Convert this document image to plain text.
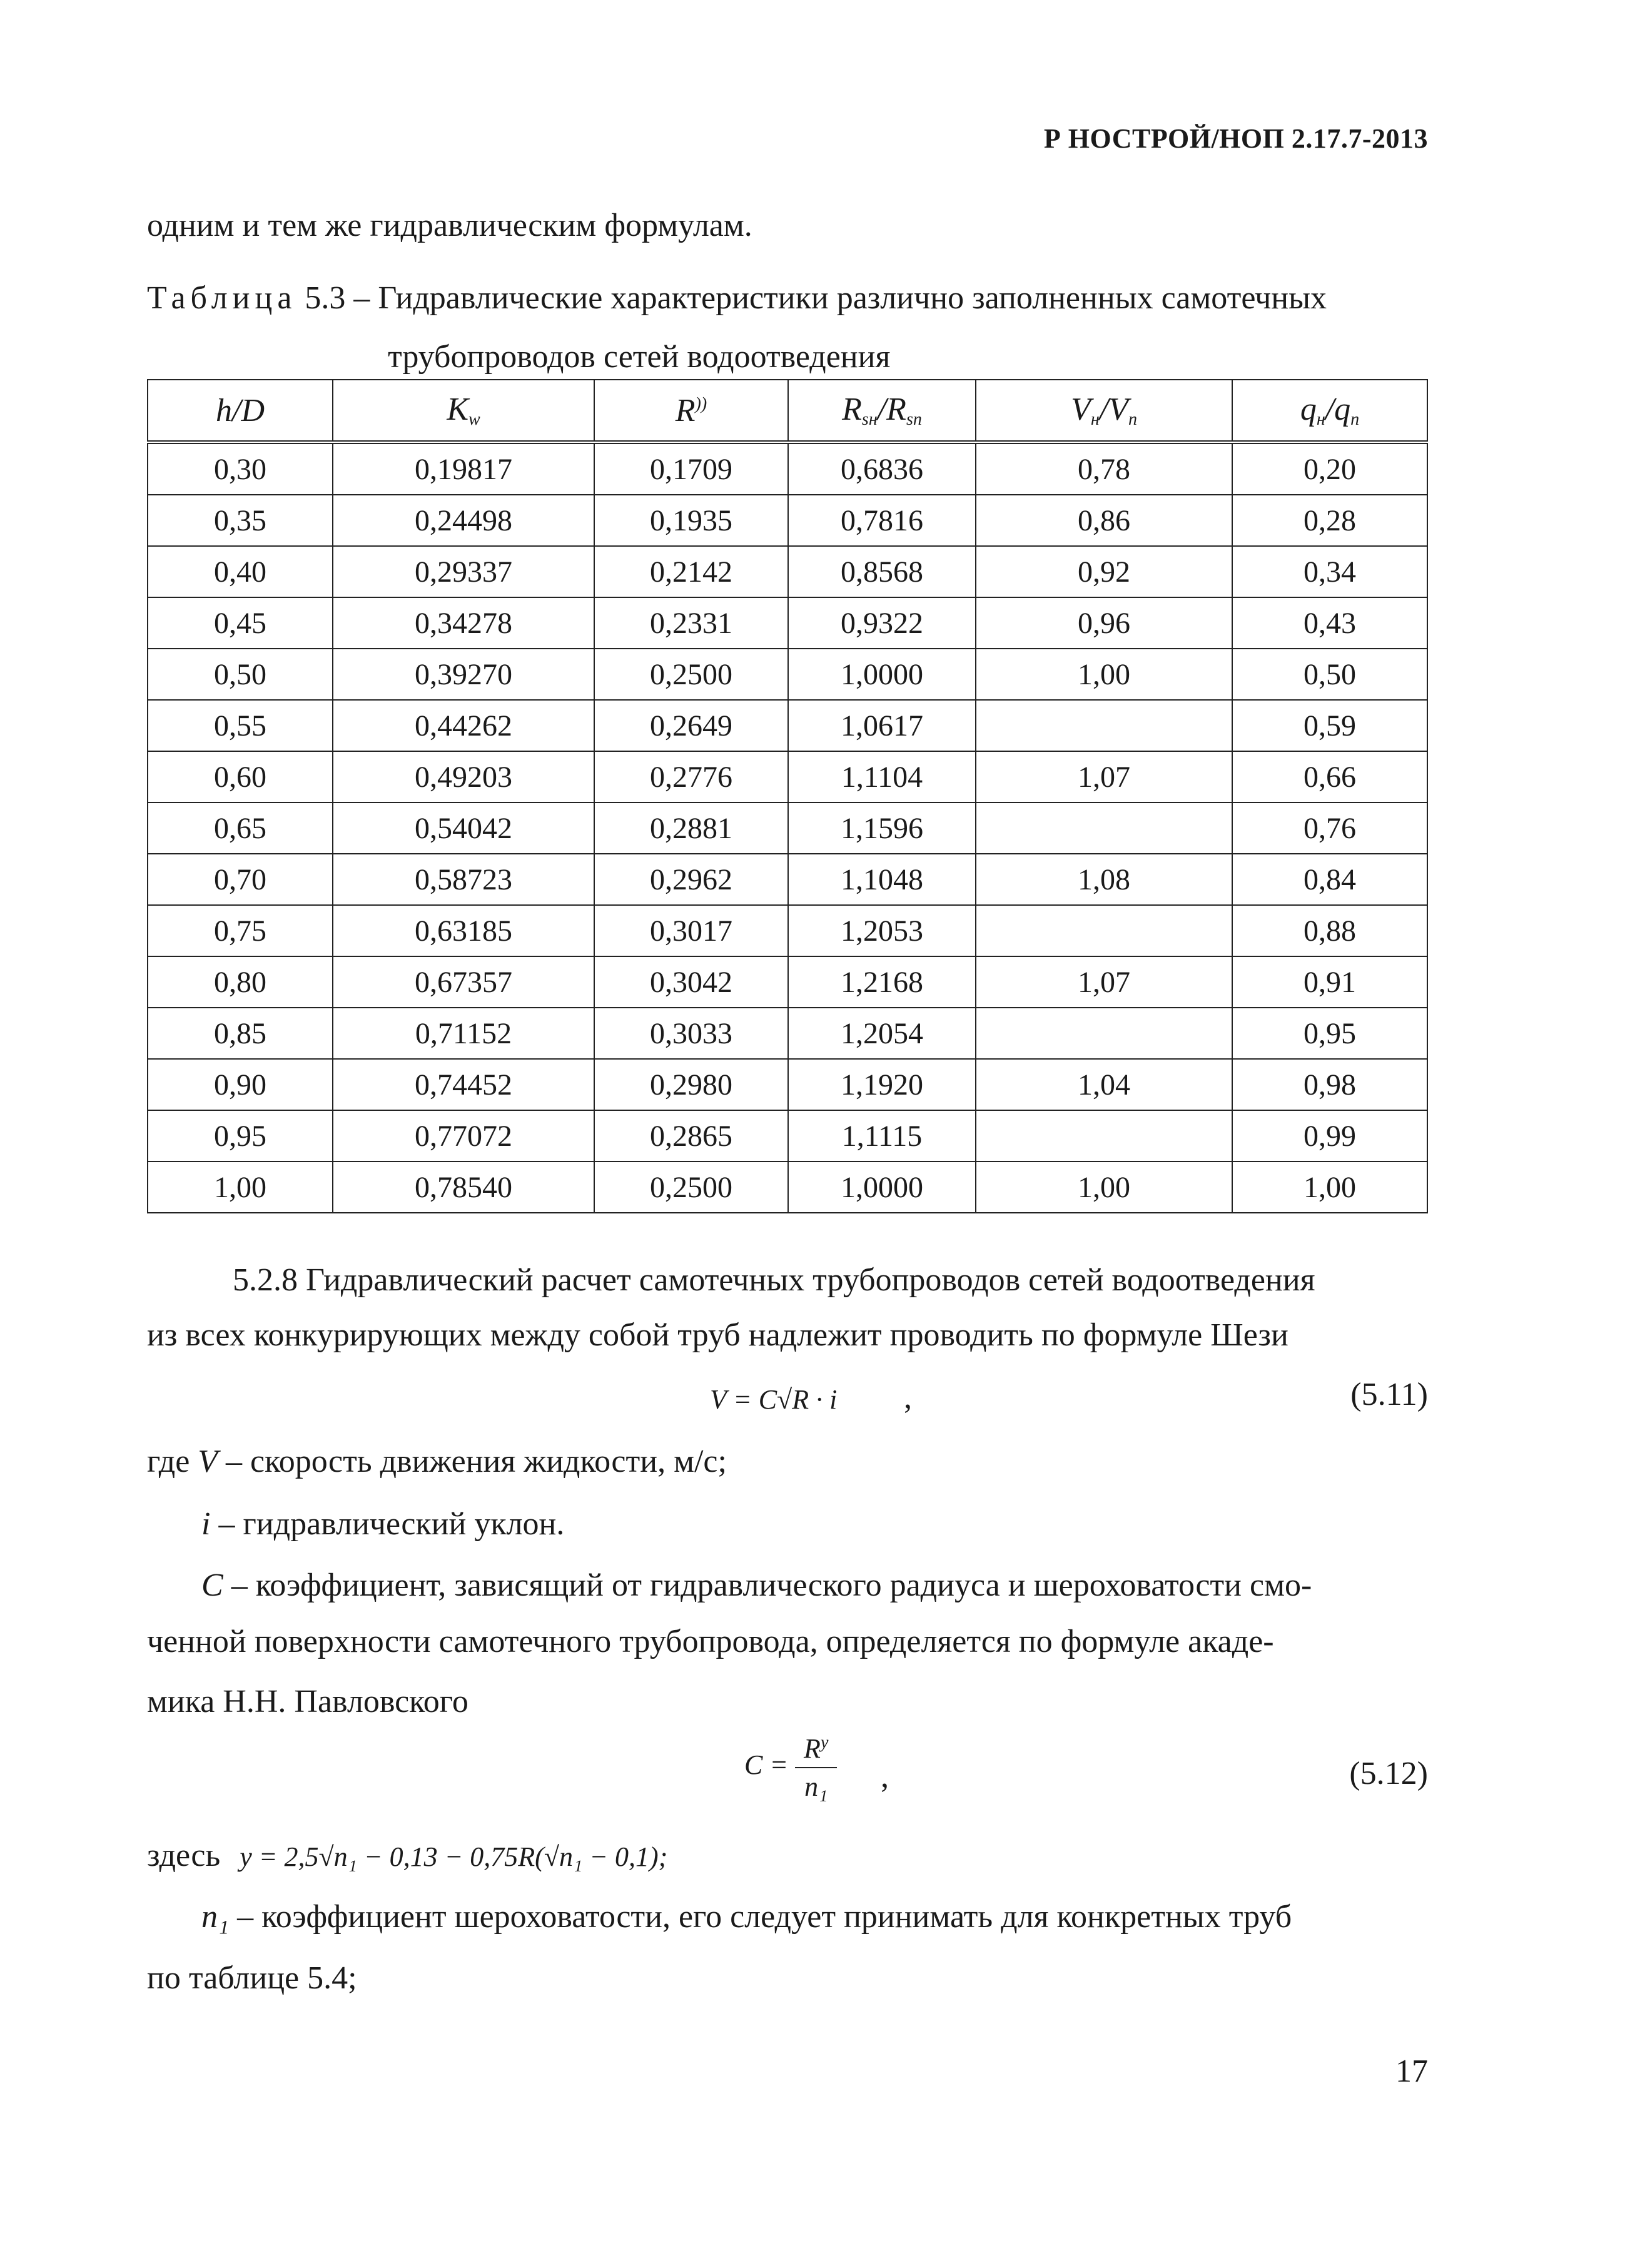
Р НОСТРОЙ/НОП 2.17.7-2013
одним и тем же гидравлическим формулам.
Таблица 5.3 – Гидравлические характеристики различно заполненных самотечных
трубопроводов сетей водоотведения
h/D	$K_w$	R))	$R_{sн}/R_{sп}$	$V_н/V_п$	$q_н/q_п$
0,30	0,19817	0,1709	0,6836	0,78	0,20
0,35	0,24498	0,1935	0,7816	0,86	0,28
0,40	0,29337	0,2142	0,8568	0,92	0,34
0,45	0,34278	0,2331	0,9322	0,96	0,43
0,50	0,39270	0,2500	1,0000	1,00	0,50
0,55	0,44262	0,2649	1,0617		0,59
0,60	0,49203	0,2776	1,1104	1,07	0,66
0,65	0,54042	0,2881	1,1596		0,76
0,70	0,58723	0,2962	1,1048	1,08	0,84
0,75	0,63185	0,3017	1,2053		0,88
0,80	0,67357	0,3042	1,2168	1,07	0,91
0,85	0,71152	0,3033	1,2054		0,95
0,90	0,74452	0,2980	1,1920	1,04	0,98
0,95	0,77072	0,2865	1,1115		0,99
1,00	0,78540	0,2500	1,0000	1,00	1,00
5.2.8 Гидравлический расчет самотечных трубопроводов сетей водоотведения
из всех конкурирующих между собой труб надлежит проводить по формуле Шези
V = C√R · i ,	(5.11)
где V – скорость движения жидкости, м/с;
i – гидравлический уклон.
C – коэффициент, зависящий от гидравлического радиуса и шероховатости смо-
ченной поверхности самотечного трубопровода, определяется по формуле акаде-
мика Н.Н. Павловского
$C = \frac{R^y}{\text{n₁}}$ ,	(5.12)
здесь y = 2,5√n₁ − 0,13 − 0,75R(√n₁ − 0,1);
n₁ – коэффициент шероховатости, его следует принимать для конкретных труб
по таблице 5.4;
17
